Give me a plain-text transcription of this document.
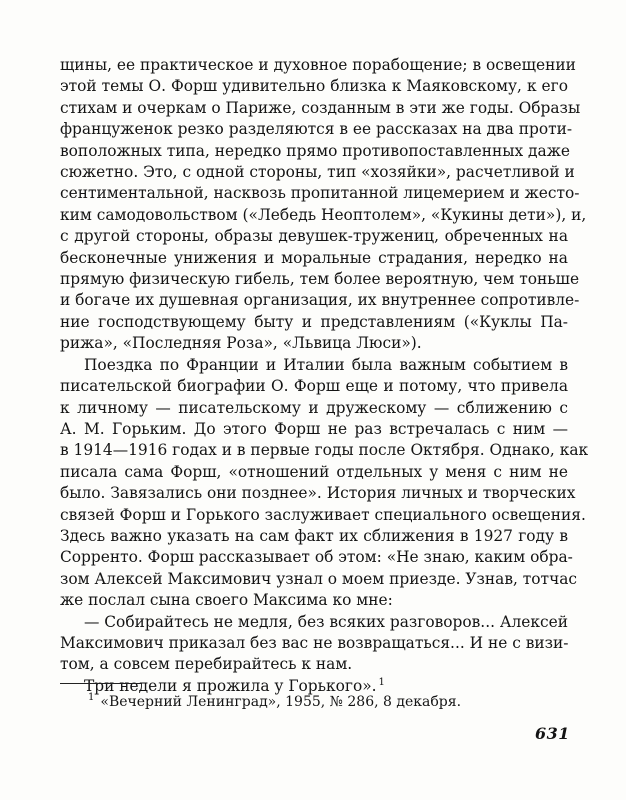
щины, ее практическое и духовное порабощение; в освещении
этой темы О. Форш удивительно близка к Маяковскому, к его
стихам и очеркам о Париже, созданным в эти же годы. Образы
француженок резко разделяются в ее рассказах на два проти-
воположных типа, нередко прямо противопоставленных даже
сюжетно. Это, с одной стороны, тип «хозяйки», расчетливой и
сентиментальной, насквозь пропитанной лицемерием и жесто-
ким самодовольством («Лебедь Неоптолем», «Кукины дети»), и,
с другой стороны, образы девушек-тружениц, обреченных на
бесконечные унижения и моральные страдания, нередко на
прямую физическую гибель, тем более вероятную, чем тоньше
и богаче их душевная организация, их внутреннее сопротивле-
ние господствующему быту и представлениям («Куклы Па-
рижа», «Последняя Роза», «Львица Люси»).
Поездка по Франции и Италии была важным событием в
писательской биографии О. Форш еще и потому, что привела
к личному — писательскому и дружескому — сближению с
А. М. Горьким. До этого Форш не раз встречалась с ним —
в 1914—1916 годах и в первые годы после Октября. Однако, как
писала сама Форш, «отношений отдельных у меня с ним не
было. Завязались они позднее». История личных и творческих
связей Форш и Горького заслуживает специального освещения.
Здесь важно указать на сам факт их сближения в 1927 году в
Сорренто. Форш рассказывает об этом: «Не знаю, каким обра-
зом Алексей Максимович узнал о моем приезде. Узнав, тотчас
же послал сына своего Максима ко мне:
— Собирайтесь не медля, без всяких разговоров... Алексей
Максимович приказал без вас не возвращаться... И не с визи-
том, а совсем перебирайтесь к нам.
Три недели я прожила у Горького». $^1$
$^1$ «Вечерний Ленинград», 1955, № 286, 8 декабря.
631
